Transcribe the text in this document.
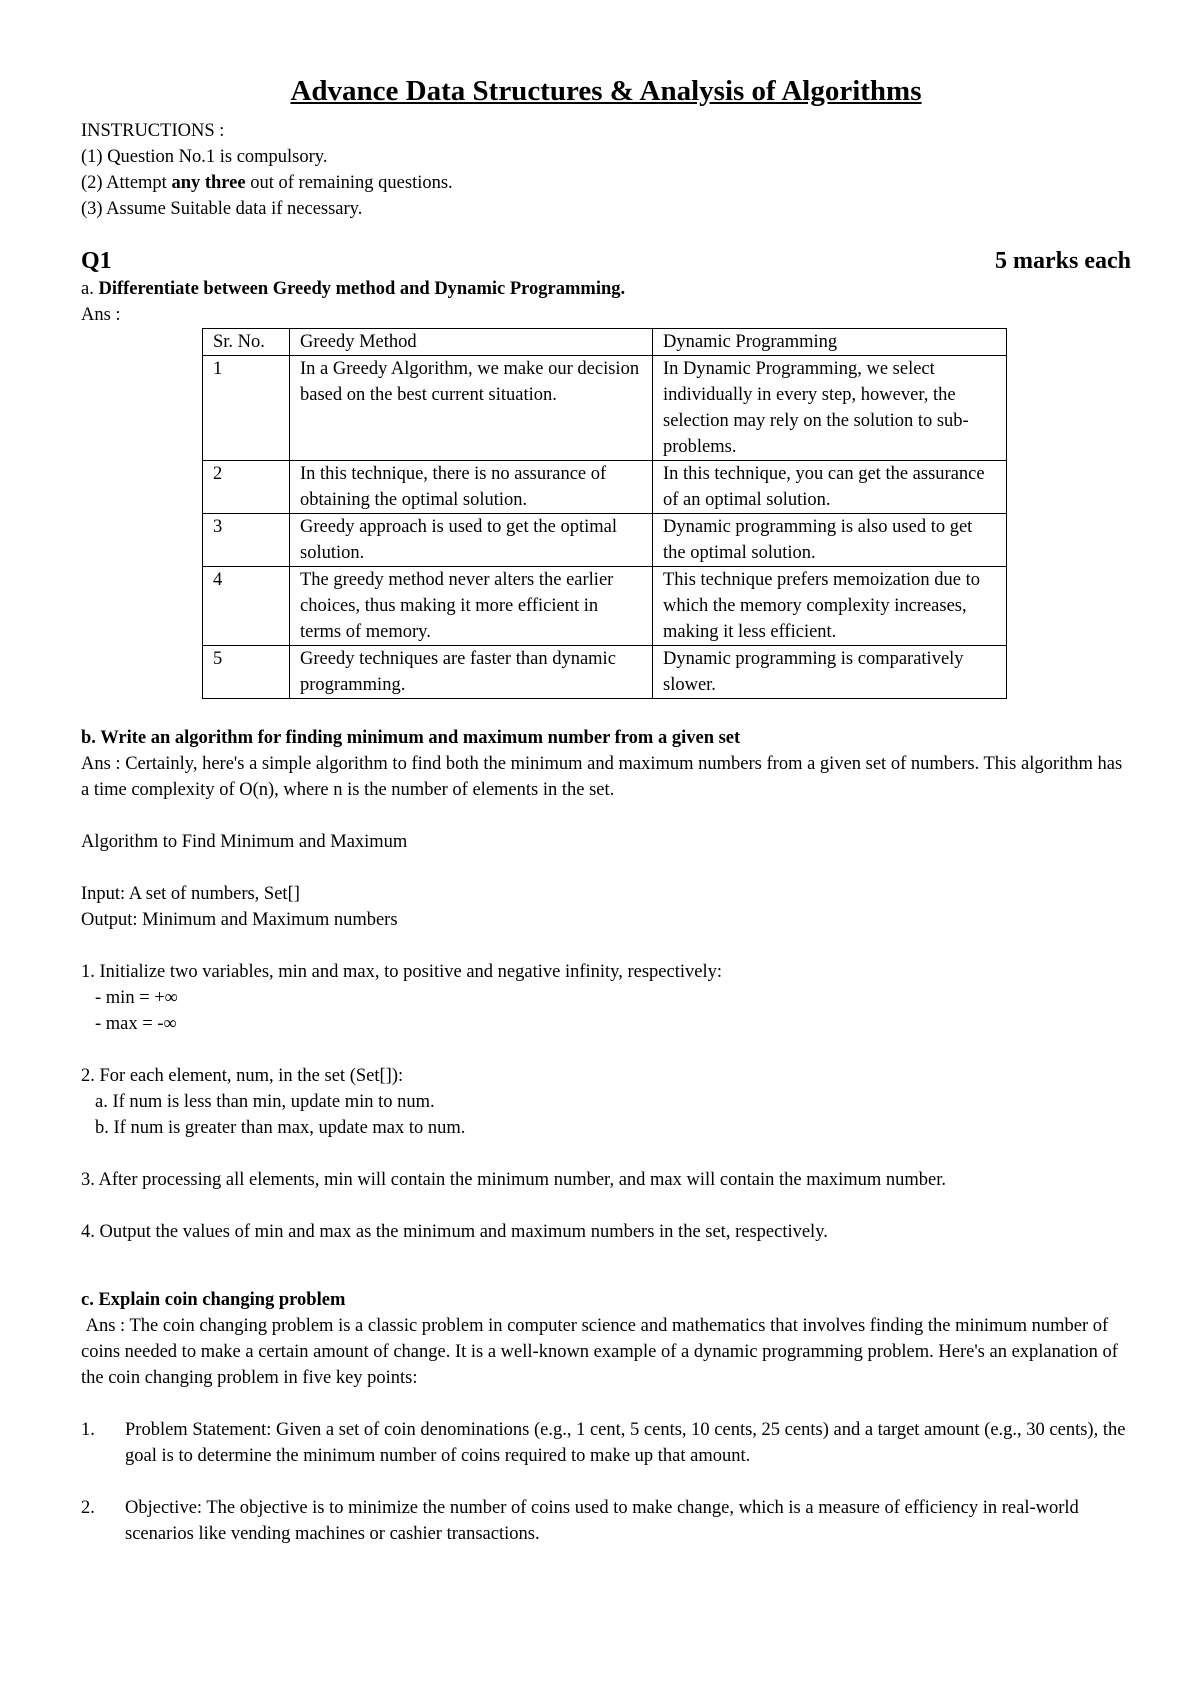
Advance Data Structures & Analysis of Algorithms

INSTRUCTIONS :

(1) Question No.1 is compulsory.

(2) Attempt any three out of remaining questions.

(3) Assume Suitable data if necessary.

Q1	5 marks each

a. Differentiate between Greedy method and Dynamic Programming.

Ans :

Sr. No.	Greedy Method	Dynamic Programming
1	In a Greedy Algorithm, we make our decision based on the best current situation.	In Dynamic Programming, we select individually in every step, however, the selection may rely on the solution to sub-problems.
2	In this technique, there is no assurance of obtaining the optimal solution.	In this technique, you can get the assurance of an optimal solution.
3	Greedy approach is used to get the optimal solution.	Dynamic programming is also used to get the optimal solution.
4	The greedy method never alters the earlier choices, thus making it more efficient in terms of memory.	This technique prefers memoization due to which the memory complexity increases, making it less efficient.
5	Greedy techniques are faster than dynamic programming.	Dynamic programming is comparatively slower.

b. Write an algorithm for finding minimum and maximum number from a given set

Ans : Certainly, here's a simple algorithm to find both the minimum and maximum numbers from a given set of numbers. This algorithm has a time complexity of O(n), where n is the number of elements in the set.

Algorithm to Find Minimum and Maximum

Input: A set of numbers, Set[]

Output: Minimum and Maximum numbers

1. Initialize two variables, min and max, to positive and negative infinity, respectively:

- min = +∞

- max = -∞

2. For each element, num, in the set (Set[]):

a. If num is less than min, update min to num.

b. If num is greater than max, update max to num.

3. After processing all elements, min will contain the minimum number, and max will contain the maximum number.

4. Output the values of min and max as the minimum and maximum numbers in the set, respectively.

c. Explain coin changing problem

Ans : The coin changing problem is a classic problem in computer science and mathematics that involves finding the minimum number of coins needed to make a certain amount of change. It is a well-known example of a dynamic programming problem. Here's an explanation of the coin changing problem in five key points:

1.	Problem Statement: Given a set of coin denominations (e.g., 1 cent, 5 cents, 10 cents, 25 cents) and a target amount (e.g., 30 cents), the goal is to determine the minimum number of coins required to make up that amount.
2.	Objective: The objective is to minimize the number of coins used to make change, which is a measure of efficiency in real-world scenarios like vending machines or cashier transactions.
